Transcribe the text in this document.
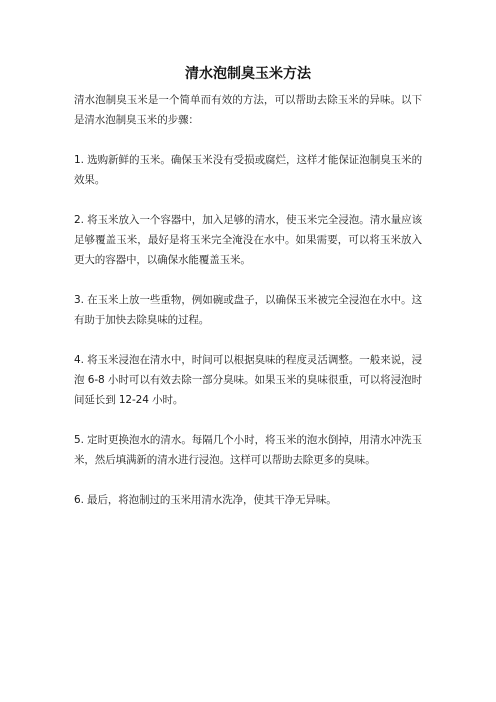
清水泡制臭玉米方法

清水泡制臭玉米是一个简单而有效的方法，可以帮助去除玉米的异味。以下是清水泡制臭玉米的步骤：

1. 选购新鲜的玉米。确保玉米没有受损或腐烂，这样才能保证泡制臭玉米的效果。

2. 将玉米放入一个容器中，加入足够的清水，使玉米完全浸泡。清水量应该足够覆盖玉米，最好是将玉米完全淹没在水中。如果需要，可以将玉米放入更大的容器中，以确保水能覆盖玉米。

3. 在玉米上放一些重物，例如碗或盘子，以确保玉米被完全浸泡在水中。这有助于加快去除臭味的过程。

4. 将玉米浸泡在清水中，时间可以根据臭味的程度灵活调整。一般来说，浸泡 6-8 小时可以有效去除一部分臭味。如果玉米的臭味很重，可以将浸泡时间延长到 12-24 小时。

5. 定时更换泡水的清水。每隔几个小时，将玉米的泡水倒掉，用清水冲洗玉米，然后填满新的清水进行浸泡。这样可以帮助去除更多的臭味。

6. 最后，将泡制过的玉米用清水洗净，使其干净无异味。
